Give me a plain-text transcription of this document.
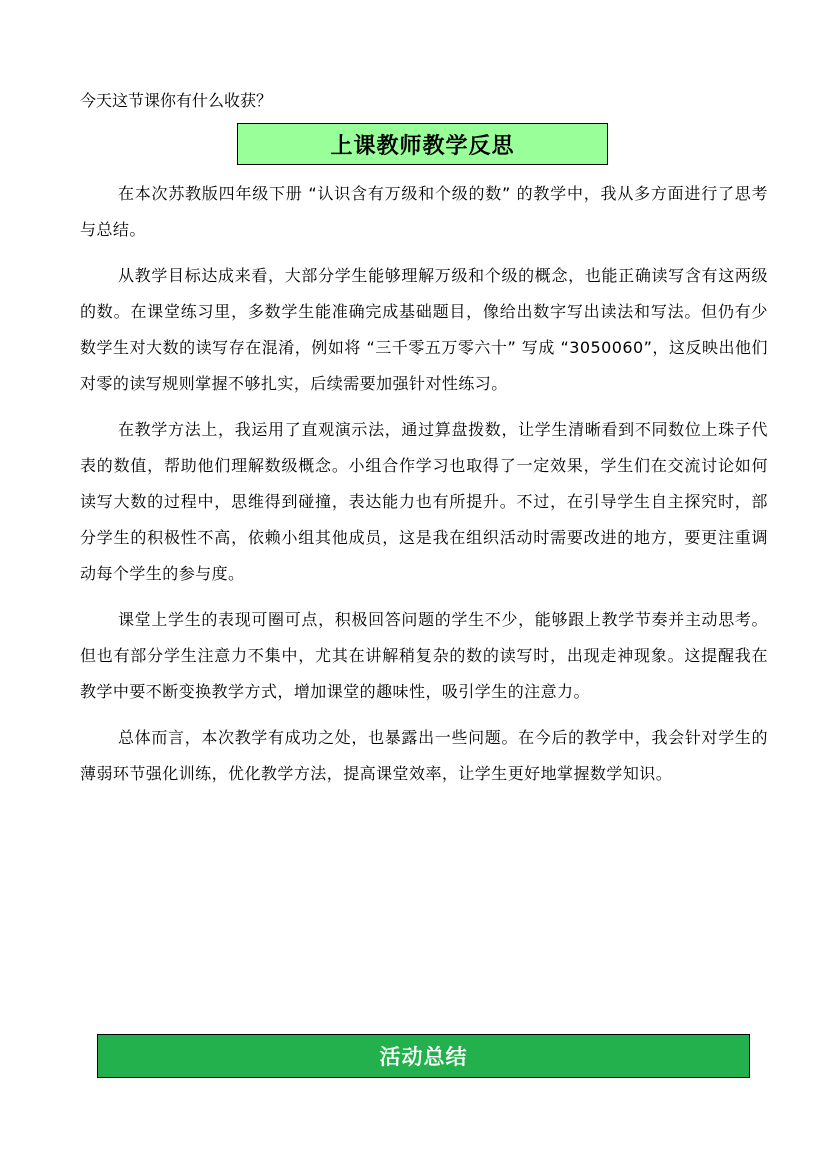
今天这节课你有什么收获？
上课教师教学反思

在本次苏教版四年级下册 “认识含有万级和个级的数” 的教学中，我从多方面进行了思考与总结。

从教学目标达成来看，大部分学生能够理解万级和个级的概念，也能正确读写含有这两级的数。在课堂练习里，多数学生能准确完成基础题目，像给出数字写出读法和写法。但仍有少数学生对大数的读写存在混淆，例如将 “三千零五万零六十” 写成 “3050060”，这反映出他们对零的读写规则掌握不够扎实，后续需要加强针对性练习。

在教学方法上，我运用了直观演示法，通过算盘拨数，让学生清晰看到不同数位上珠子代表的数值，帮助他们理解数级概念。小组合作学习也取得了一定效果，学生们在交流讨论如何读写大数的过程中，思维得到碰撞，表达能力也有所提升。不过，在引导学生自主探究时，部分学生的积极性不高，依赖小组其他成员，这是我在组织活动时需要改进的地方，要更注重调动每个学生的参与度。

课堂上学生的表现可圈可点，积极回答问题的学生不少，能够跟上教学节奏并主动思考。但也有部分学生注意力不集中，尤其在讲解稍复杂的数的读写时，出现走神现象。这提醒我在教学中要不断变换教学方式，增加课堂的趣味性，吸引学生的注意力。

总体而言，本次教学有成功之处，也暴露出一些问题。在今后的教学中，我会针对学生的薄弱环节强化训练，优化教学方法，提高课堂效率，让学生更好地掌握数学知识。

活动总结
